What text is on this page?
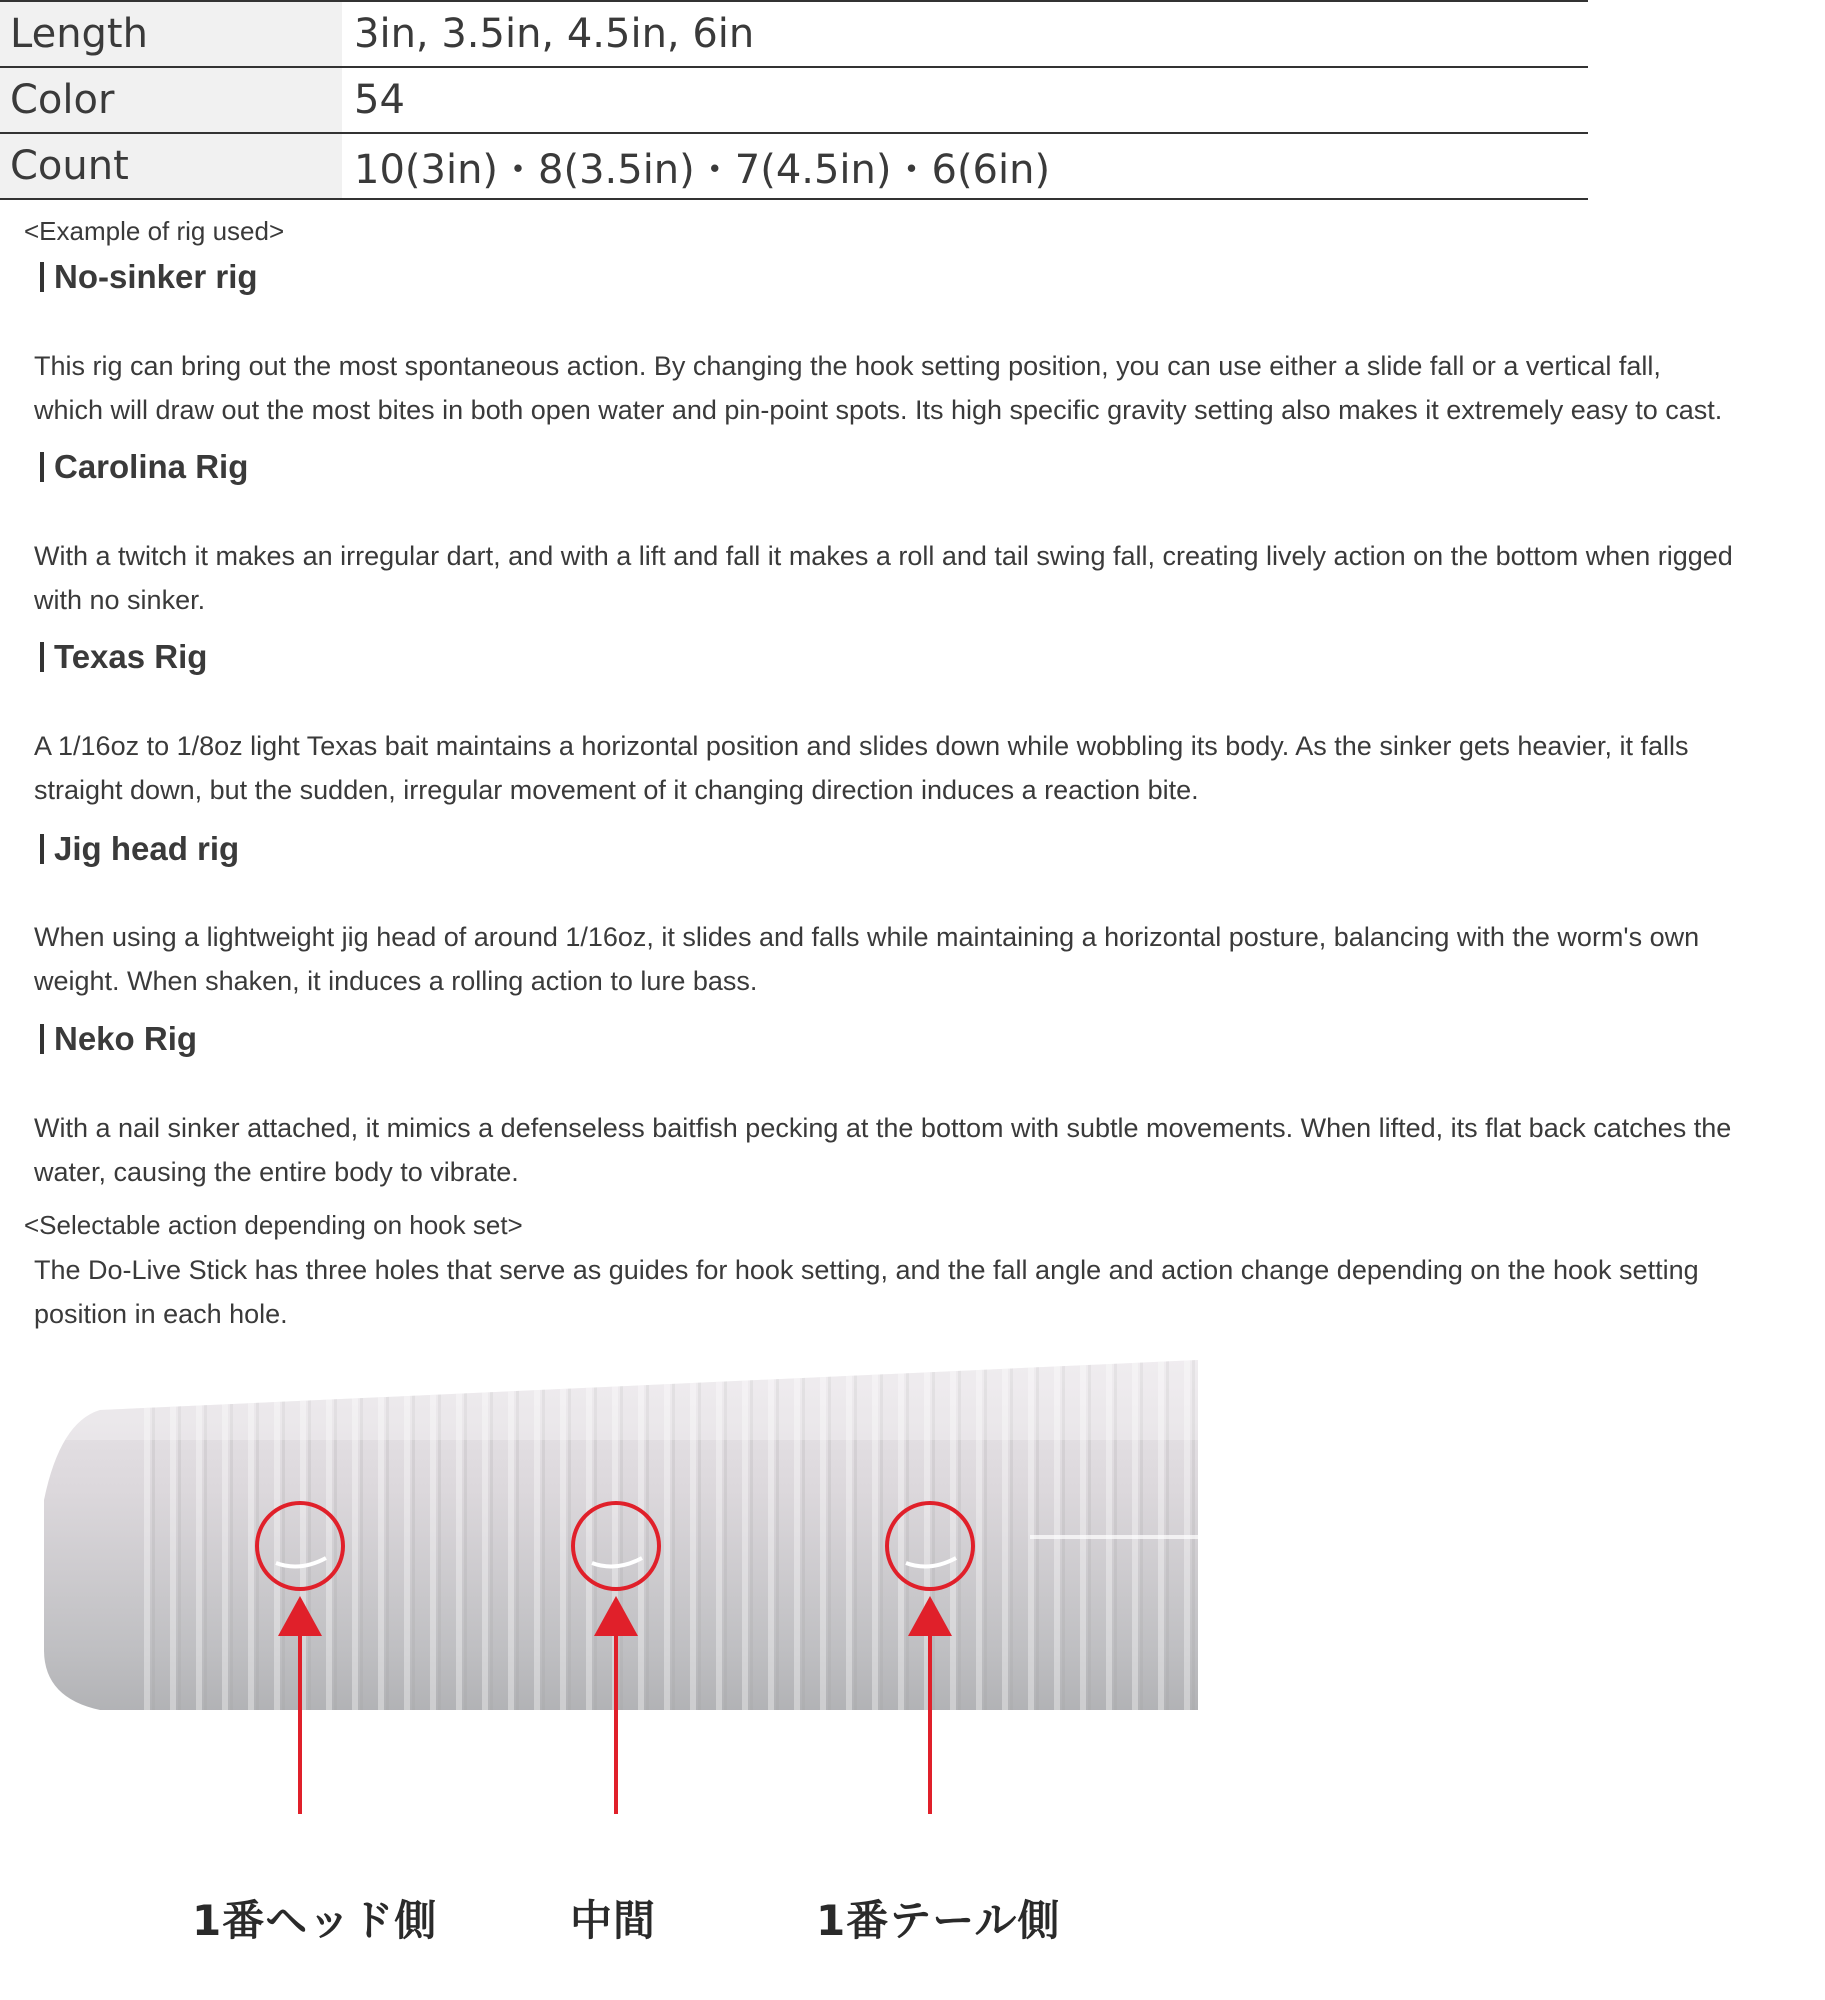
Length	3in, 3.5in, 4.5in, 6in
Color	54
Count	10(3in)・8(3.5in)・7(4.5in)・6(6in)
<Example of rig used>
No-sinker rig
This rig can bring out the most spontaneous action. By changing the hook setting position, you can use either a slide fall or a vertical fall, which will draw out the most bites in both open water and pin-point spots. Its high specific gravity setting also makes it extremely easy to cast.
Carolina Rig
With a twitch it makes an irregular dart, and with a lift and fall it makes a roll and tail swing fall, creating lively action on the bottom when rigged with no sinker.
Texas Rig
A 1/16oz to 1/8oz light Texas bait maintains a horizontal position and slides down while wobbling its body. As the sinker gets heavier, it falls straight down, but the sudden, irregular movement of it changing direction induces a reaction bite.
Jig head rig
When using a lightweight jig head of around 1/16oz, it slides and falls while maintaining a horizontal posture, balancing with the worm's own weight. When shaken, it induces a rolling action to lure bass.
Neko Rig
With a nail sinker attached, it mimics a defenseless baitfish pecking at the bottom with subtle movements. When lifted, its flat back catches the water, causing the entire body to vibrate.
<Selectable action depending on hook set>
The Do-Live Stick has three holes that serve as guides for hook setting, and the fall angle and action change depending on the hook setting position in each hole.
1番ヘッド側	中間	1番テール側
